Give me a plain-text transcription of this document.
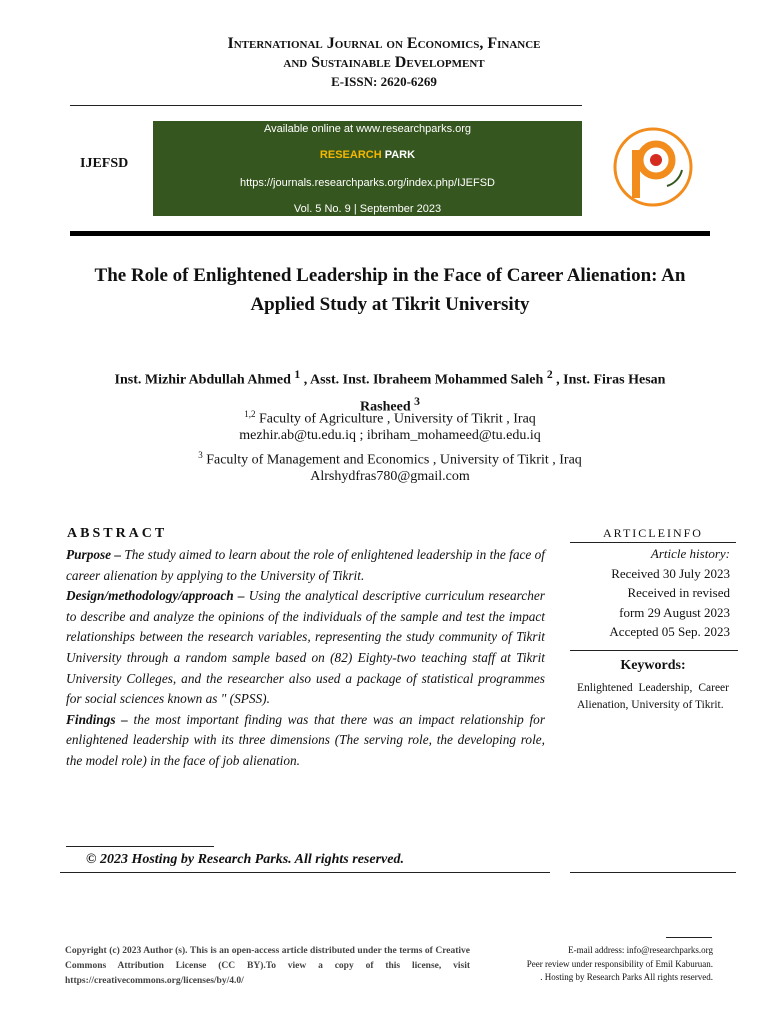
International Journal on Economics, Finance
and Sustainable Development
E-ISSN: 2620-6269
IJEFSD
Available online at www.researchparks.org
RESEARCH PARK
https://journals.researchparks.org/index.php/IJEFSD
Vol. 5 No. 9 | September 2023
The Role of Enlightened Leadership in the Face of Career Alienation: An
Applied Study at Tikrit University
Inst. Mizhir Abdullah Ahmed $^1$ , Asst. Inst. Ibraheem Mohammed Saleh $^2$ , Inst. Firas Hesan
Rasheed $^3$
$^{1,2}$ Faculty of Agriculture , University of Tikrit , Iraq
mezhir.ab@tu.edu.iq ; ibriham_mohameed@tu.edu.iq
$^3$ Faculty of Management and Economics , University of Tikrit , Iraq
Alrshydfras780@gmail.com
ABSTRACT
Purpose – The study aimed to learn about the role of enlightened leadership in the face of career alienation by applying to the University of Tikrit.
Design/methodology/approach – Using the analytical descriptive curriculum researcher to describe and analyze the opinions of the individuals of the sample and test the impact relationships between the research variables, representing the study community of Tikrit University through a random sample based on (82) Eighty-two teaching staff at Tikrit University Colleges, and the researcher also used a package of statistical programmes for social sciences known as " (SPSS).
Findings – the most important finding was that there was an impact relationship for enlightened leadership with its three dimensions (The serving role, the developing role, the model role) in the face of job alienation.
ARTICLEINFO
Article history:
Received 30 July 2023
Received in revised
form 29 August 2023
Accepted 05 Sep. 2023
Keywords:
Enlightened Leadership, Career Alienation, University of Tikrit.
© 2023 Hosting by Research Parks. All rights reserved.
Copyright (c) 2023 Author (s). This is an open-access article distributed under the terms of Creative Commons Attribution License (CC BY).To view a copy of this license, visit https://creativecommons.org/licenses/by/4.0/
E-mail address: info@researchparks.org
Peer review under responsibility of Emil Kaburuan.
. Hosting by Research Parks All rights reserved.
